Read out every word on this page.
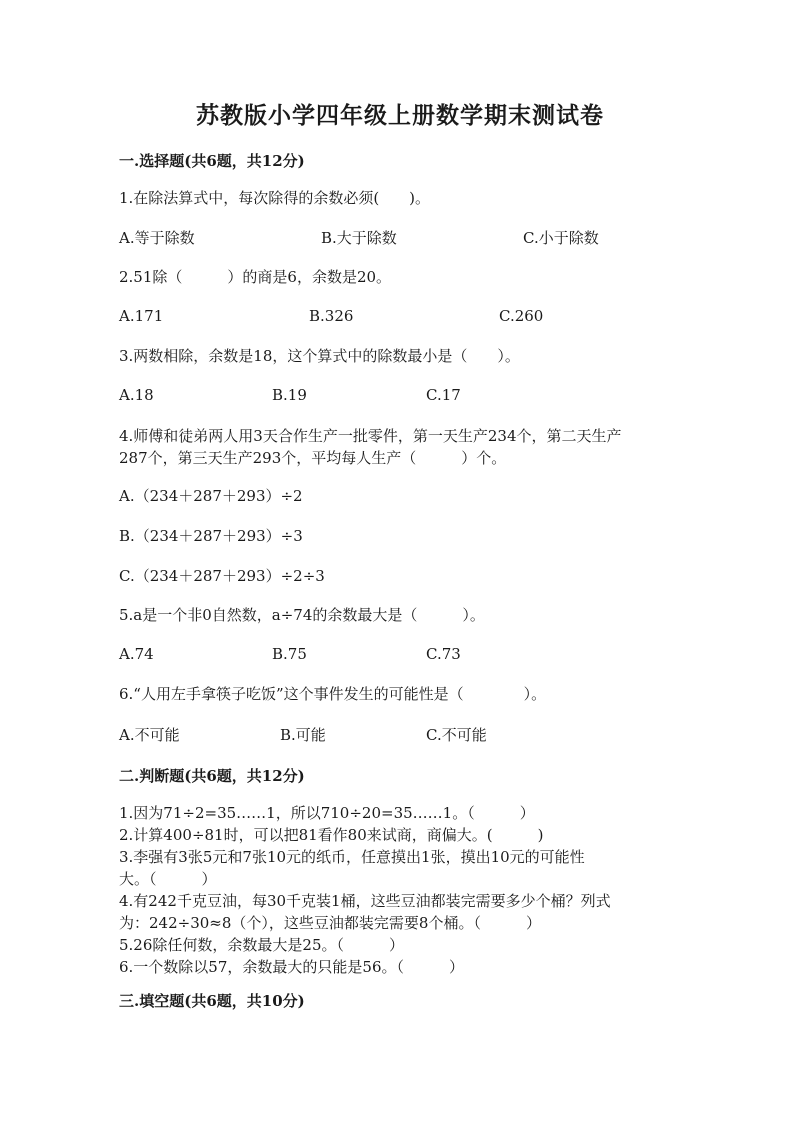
苏教版小学四年级上册数学期末测试卷
一.选择题(共6题，共12分)
1.在除法算式中，每次除得的余数必须(　　)。
A.等于除数	B.大于除数	C.小于除数
2.51除（　　　）的商是6，余数是20。
A.171	B.326	C.260
3.两数相除，余数是18，这个算式中的除数最小是（　　）。
A.18	B.19	C.17
4.师傅和徒弟两人用3天合作生产一批零件，第一天生产234个，第二天生产
287个，第三天生产293个，平均每人生产（　　　）个。
A.（234＋287＋293）÷2
B.（234＋287＋293）÷3
C.（234＋287＋293）÷2÷3
5.a是一个非0自然数，a÷74的余数最大是（　　　）。
A.74	B.75	C.73
6.“人用左手拿筷子吃饭”这个事件发生的可能性是（　　　　）。
A.不可能	B.可能	C.不可能
二.判断题(共6题，共12分)
1.因为71÷2=35……1，所以710÷20=35……1。（　　　）
2.计算400÷81时，可以把81看作80来试商，商偏大。(　　　)
3.李强有3张5元和7张10元的纸币，任意摸出1张，摸出10元的可能性
大。（　　　）
4.有242千克豆油，每30千克装1桶，这些豆油都装完需要多少个桶？列式
为：242÷30≈8（个），这些豆油都装完需要8个桶。（　　　）
5.26除任何数，余数最大是25。（　　　）
6.一个数除以57，余数最大的只能是56。（　　　）
三.填空题(共6题，共10分)
